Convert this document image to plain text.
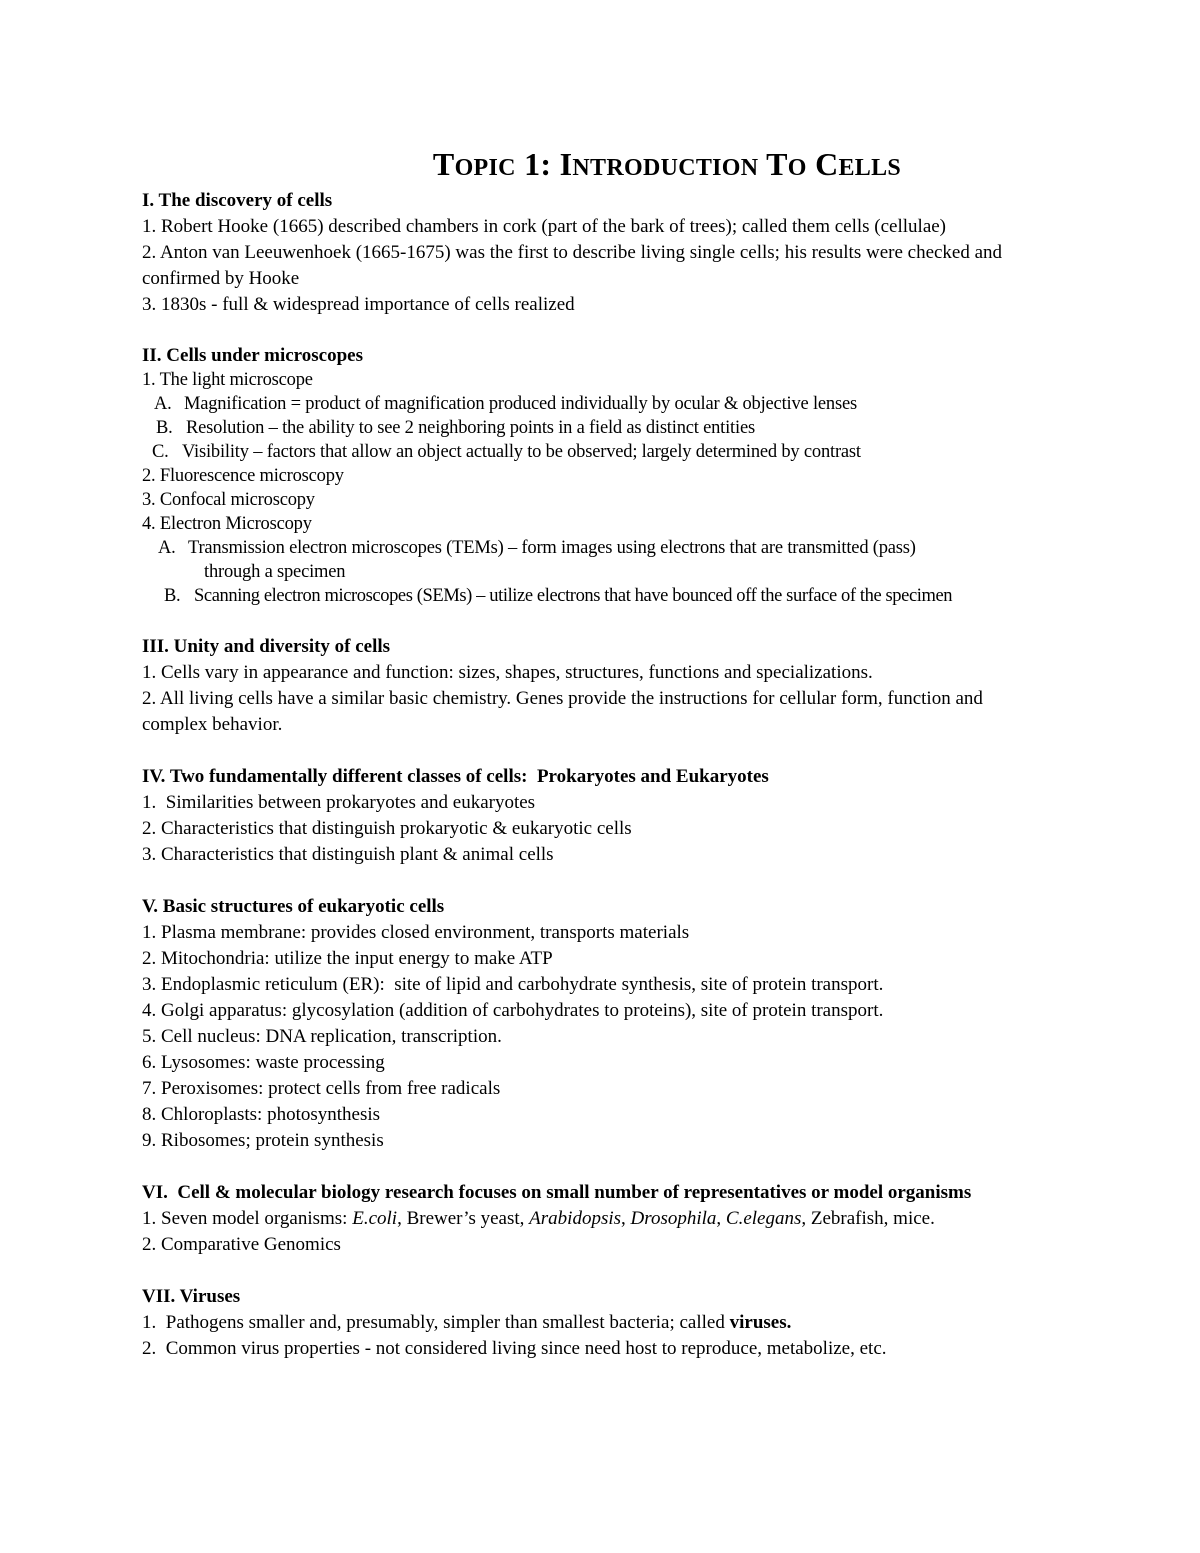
TOPIC 1: INTRODUCTION TO CELLS

I. The discovery of cells

1. Robert Hooke (1665) described chambers in cork (part of the bark of trees); called them cells (cellulae)

2. Anton van Leeuwenhoek (1665-1675) was the first to describe living single cells; his results were checked and confirmed by Hooke

3. 1830s - full & widespread importance of cells realized

II. Cells under microscopes

1. The light microscope

A. Magnification = product of magnification produced individually by ocular & objective lenses

B. Resolution – the ability to see 2 neighboring points in a field as distinct entities

C. Visibility – factors that allow an object actually to be observed; largely determined by contrast

2. Fluorescence microscopy

3. Confocal microscopy

4. Electron Microscopy

A. Transmission electron microscopes (TEMs) – form images using electrons that are transmitted (pass)

through a specimen

B. Scanning electron microscopes (SEMs) – utilize electrons that have bounced off the surface of the specimen

III. Unity and diversity of cells

1. Cells vary in appearance and function: sizes, shapes, structures, functions and specializations.

2. All living cells have a similar basic chemistry. Genes provide the instructions for cellular form, function and complex behavior.

IV. Two fundamentally different classes of cells:  Prokaryotes and Eukaryotes

1.  Similarities between prokaryotes and eukaryotes

2. Characteristics that distinguish prokaryotic & eukaryotic cells

3. Characteristics that distinguish plant & animal cells

V. Basic structures of eukaryotic cells

1. Plasma membrane: provides closed environment, transports materials

2. Mitochondria: utilize the input energy to make ATP

3. Endoplasmic reticulum (ER):  site of lipid and carbohydrate synthesis, site of protein transport.

4. Golgi apparatus: glycosylation (addition of carbohydrates to proteins), site of protein transport.

5. Cell nucleus: DNA replication, transcription.

6. Lysosomes: waste processing

7. Peroxisomes: protect cells from free radicals

8. Chloroplasts: photosynthesis

9. Ribosomes; protein synthesis

VI.  Cell & molecular biology research focuses on small number of representatives or model organisms

1. Seven model organisms: E.coli, Brewer’s yeast, Arabidopsis, Drosophila, C.elegans, Zebrafish, mice.

2. Comparative Genomics

VII. Viruses

1.  Pathogens smaller and, presumably, simpler than smallest bacteria; called viruses.

2.  Common virus properties - not considered living since need host to reproduce, metabolize, etc.
